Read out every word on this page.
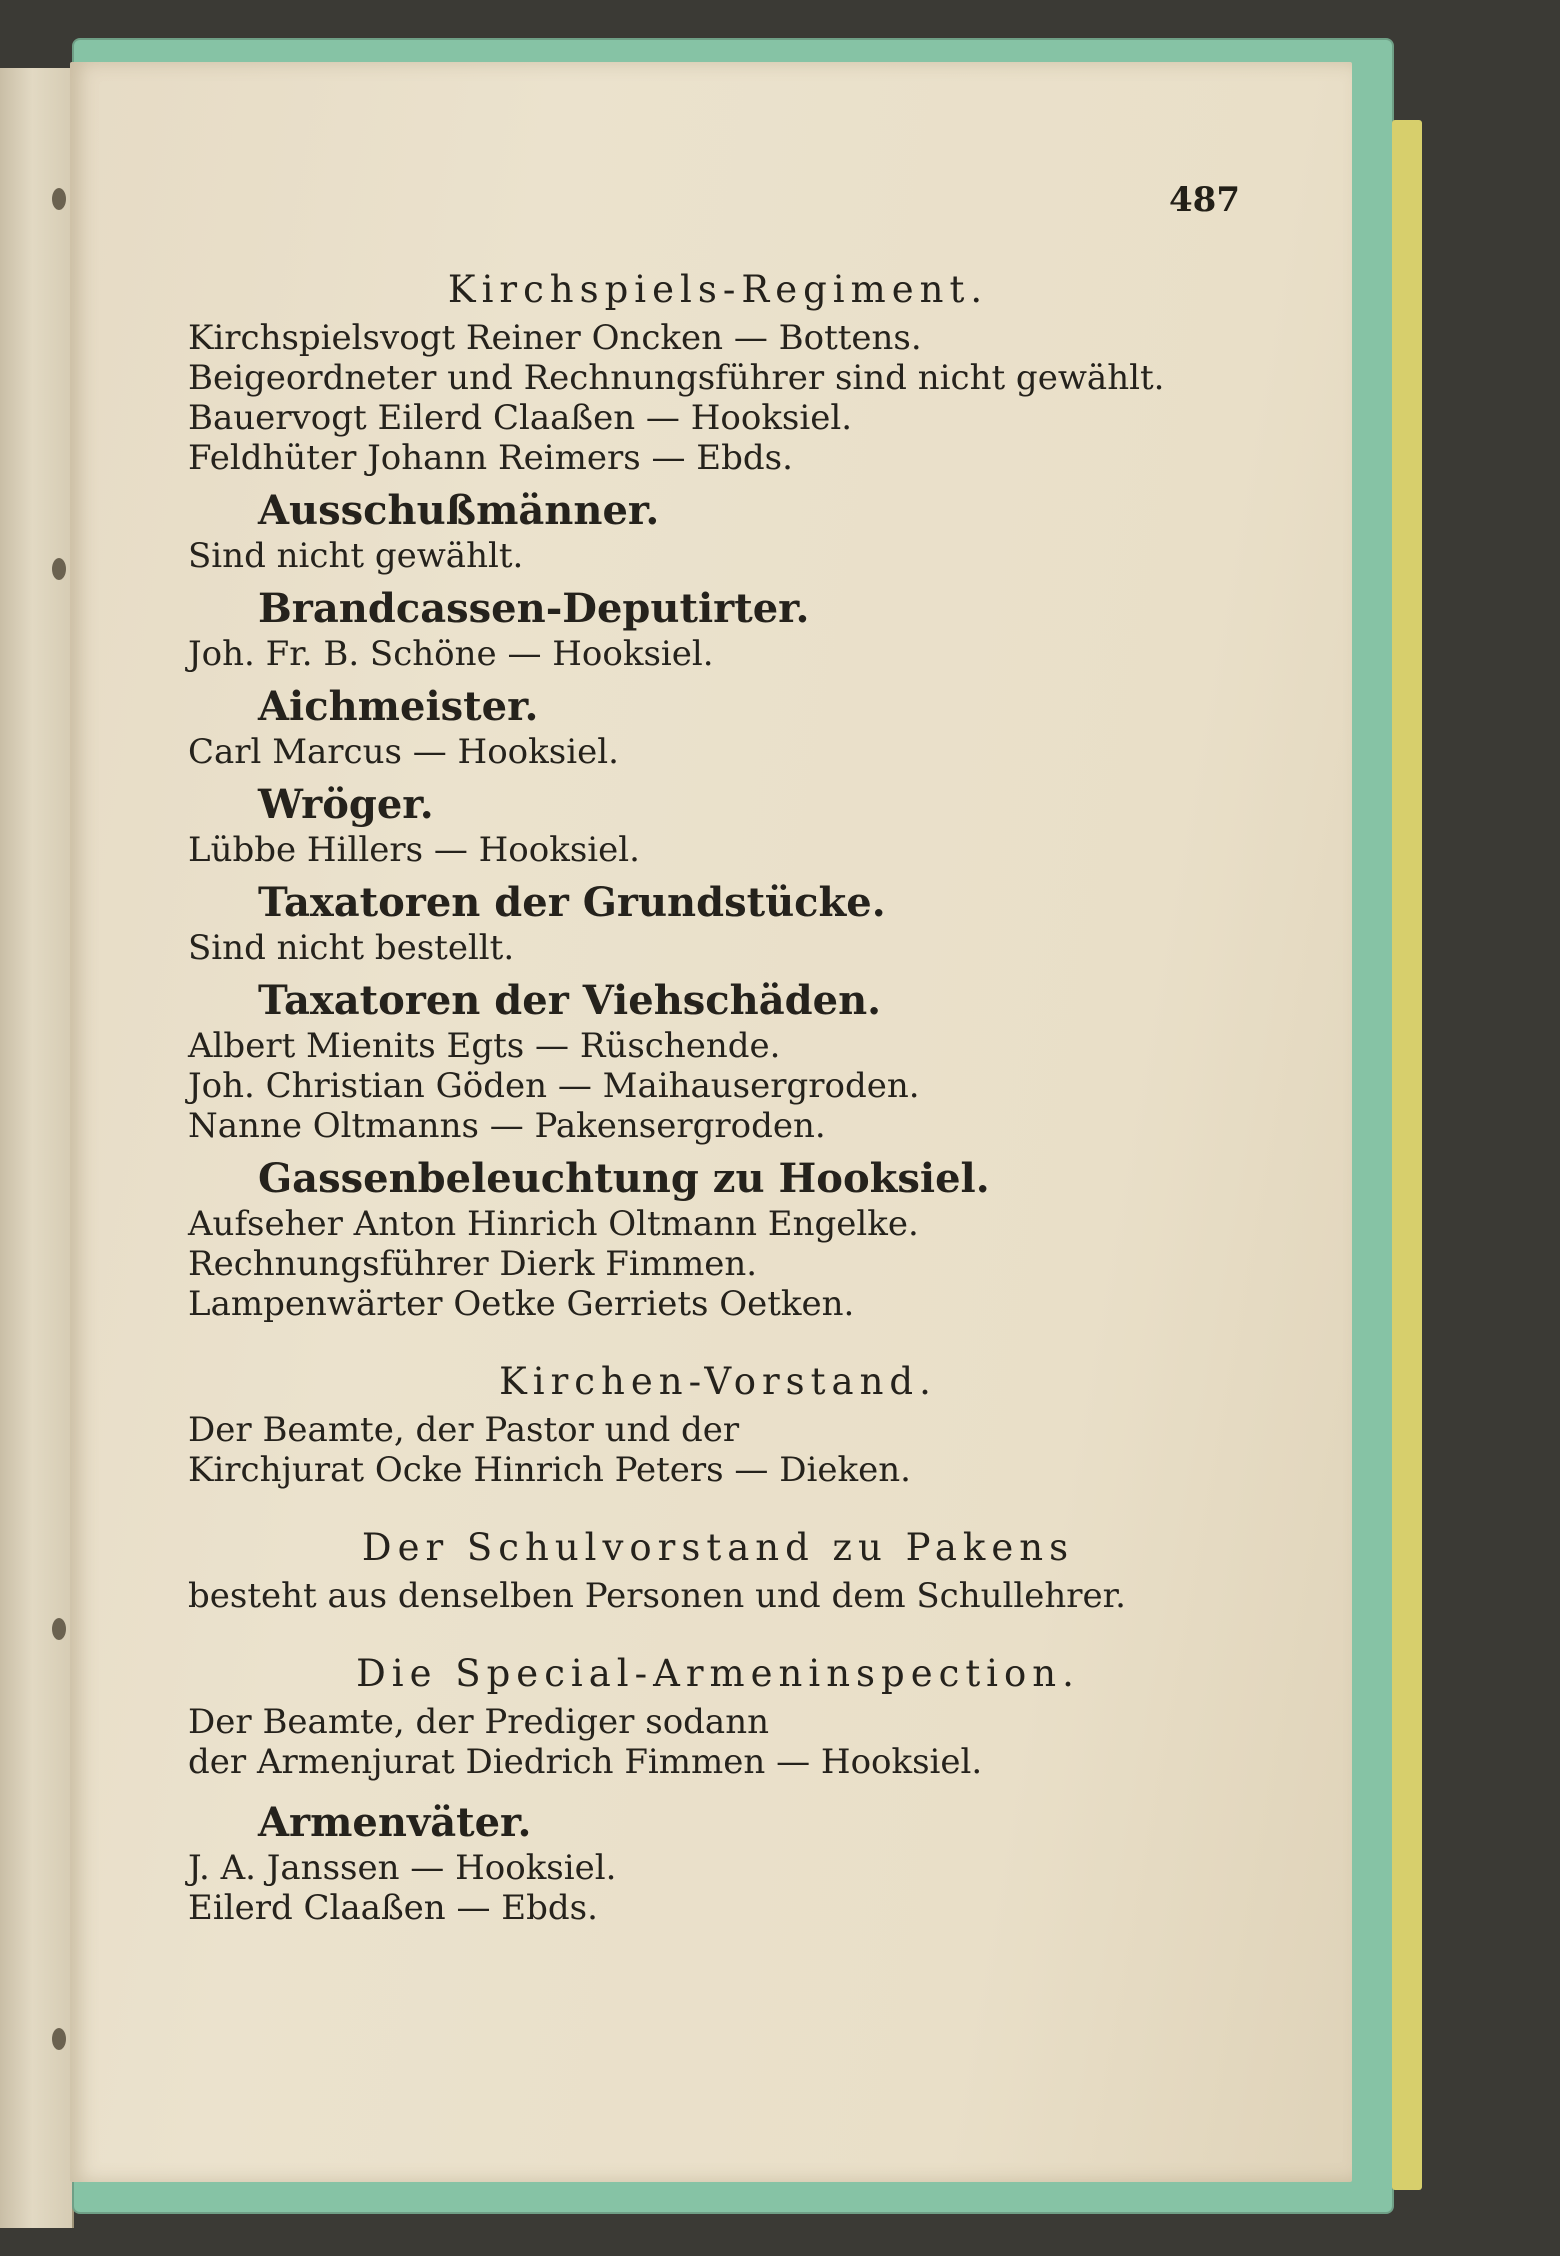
487

Kirchspiels-Regiment.

Kirchspielsvogt Reiner Oncken — Bottens.

Beigeordneter und Rechnungsführer sind nicht gewählt.

Bauervogt Eilerd Claaßen — Hooksiel.

Feldhüter Johann Reimers — Ebds.

Ausschußmänner.

Sind nicht gewählt.

Brandcassen-Deputirter.

Joh. Fr. B. Schöne — Hooksiel.

Aichmeister.

Carl Marcus — Hooksiel.

Wröger.

Lübbe Hillers — Hooksiel.

Taxatoren der Grundstücke.

Sind nicht bestellt.

Taxatoren der Viehschäden.

Albert Mienits Egts — Rüschende.

Joh. Christian Göden — Maihausergroden.

Nanne Oltmanns — Pakensergroden.

Gassenbeleuchtung zu Hooksiel.

Aufseher Anton Hinrich Oltmann Engelke.

Rechnungsführer Dierk Fimmen.

Lampenwärter Oetke Gerriets Oetken.

Kirchen-Vorstand.

Der Beamte, der Pastor und der

Kirchjurat Ocke Hinrich Peters — Dieken.

Der Schulvorstand zu Pakens

besteht aus denselben Personen und dem Schullehrer.

Die Special-Armeninspection.

Der Beamte, der Prediger sodann

der Armenjurat Diedrich Fimmen — Hooksiel.

Armenväter.

J. A. Janssen — Hooksiel.

Eilerd Claaßen — Ebds.
